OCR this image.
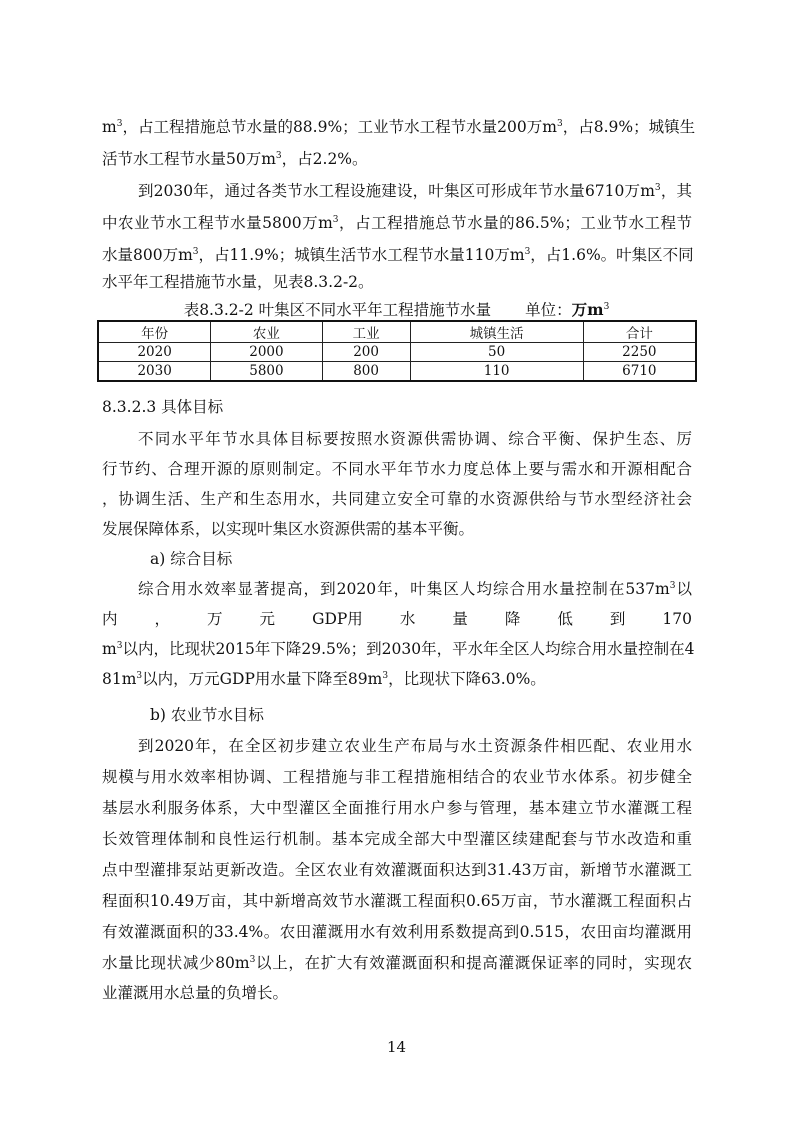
$m^3$，占工程措施总节水量的88.9%；工业节水工程节水量200万$m^3$，占8.9%；城镇生
活节水工程节水量50万$m^3$，占2.2%。
到2030年，通过各类节水工程设施建设，叶集区可形成年节水量6710万$m^3$，其
中农业节水工程节水量5800万$m^3$，占工程措施总节水量的86.5%；工业节水工程节
水量800万$m^3$，占11.9%；城镇生活节水工程节水量110万$m^3$，占1.6%。叶集区不同
水平年工程措施节水量，见表8.3.2-2。
表8.3.2-2 叶集区不同水平年工程措施节水量 单位：万$m^3$
年份	农业	工业	城镇生活	合计
2020	2000	200	50	2250
2030	5800	800	110	6710
8.3.2.3 具体目标
不同水平年节水具体目标要按照水资源供需协调、综合平衡、保护生态、厉
行节约、合理开源的原则制定。不同水平年节水力度总体上要与需水和开源相配合
，协调生活、生产和生态用水，共同建立安全可靠的水资源供给与节水型经济社会
发展保障体系，以实现叶集区水资源供需的基本平衡。
a) 综合目标
综合用水效率显著提高，到2020年，叶集区人均综合用水量控制在$537m^3$以
内 ， 万 元 GDP用 水 量 降 低 到 170
$m^3$以内，比现状2015年下降29.5%；到2030年，平水年全区人均综合用水量控制在4
$81m^3$以内，万元GDP用水量下降至$89m^3$，比现状下降63.0%。
b) 农业节水目标
到2020年，在全区初步建立农业生产布局与水土资源条件相匹配、农业用水
规模与用水效率相协调、工程措施与非工程措施相结合的农业节水体系。初步健全
基层水利服务体系，大中型灌区全面推行用水户参与管理，基本建立节水灌溉工程
长效管理体制和良性运行机制。基本完成全部大中型灌区续建配套与节水改造和重
点中型灌排泵站更新改造。全区农业有效灌溉面积达到31.43万亩，新增节水灌溉工
程面积10.49万亩，其中新增高效节水灌溉工程面积0.65万亩，节水灌溉工程面积占
有效灌溉面积的33.4%。农田灌溉用水有效利用系数提高到0.515，农田亩均灌溉用
水量比现状减少$80m^3$以上，在扩大有效灌溉面积和提高灌溉保证率的同时，实现农
业灌溉用水总量的负增长。
14
